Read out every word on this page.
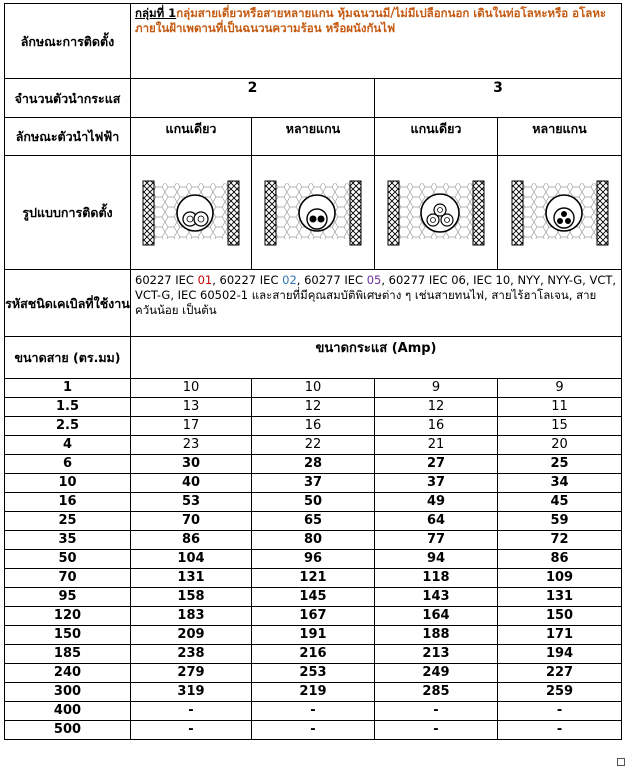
ลักษณะการติดตั้ง	กลุ่มที่ 1กลุ่มสายเดี่ยวหรือสายหลายแกน หุ้มฉนวนมี/ไม่มีเปลือกนอก เดินในท่อโลหะหรือ อโลหะภายในฝ้าเพดานที่เป็นฉนวนความร้อน หรือผนังกันไฟ			
จำนวนตัวนำกระแส	2		3	
ลักษณะตัวนำไฟฟ้า	แกนเดียว	หลายแกน	แกนเดียว	หลายแกน
รูปแบบการติดตั้ง	

รหัสชนิดเคเบิลที่ใช้งาน	60227 IEC 01, 60227 IEC 02, 60277 IEC 05, 60277 IEC 06, IEC 10, NYY, NYY-G, VCT, VCT-G, IEC 60502-1 และสายที่มีคุณสมบัติพิเศษต่าง ๆ เช่นสายทนไฟ, สายไร้ฮาโลเจน, สายควันน้อย เป็นต้น			
ขนาดสาย (ตร.มม)	ขนาดกระแส (Amp)			
1	10	10	9	9
1.5	13	12	12	11
2.5	17	16	16	15
4	23	22	21	20
6	30	28	27	25
10	40	37	37	34
16	53	50	49	45
25	70	65	64	59
35	86	80	77	72
50	104	96	94	86
70	131	121	118	109
95	158	145	143	131
120	183	167	164	150
150	209	191	188	171
185	238	216	213	194
240	279	253	249	227
300	319	219	285	259
400	-	-	-	-
500	-	-	-	-
